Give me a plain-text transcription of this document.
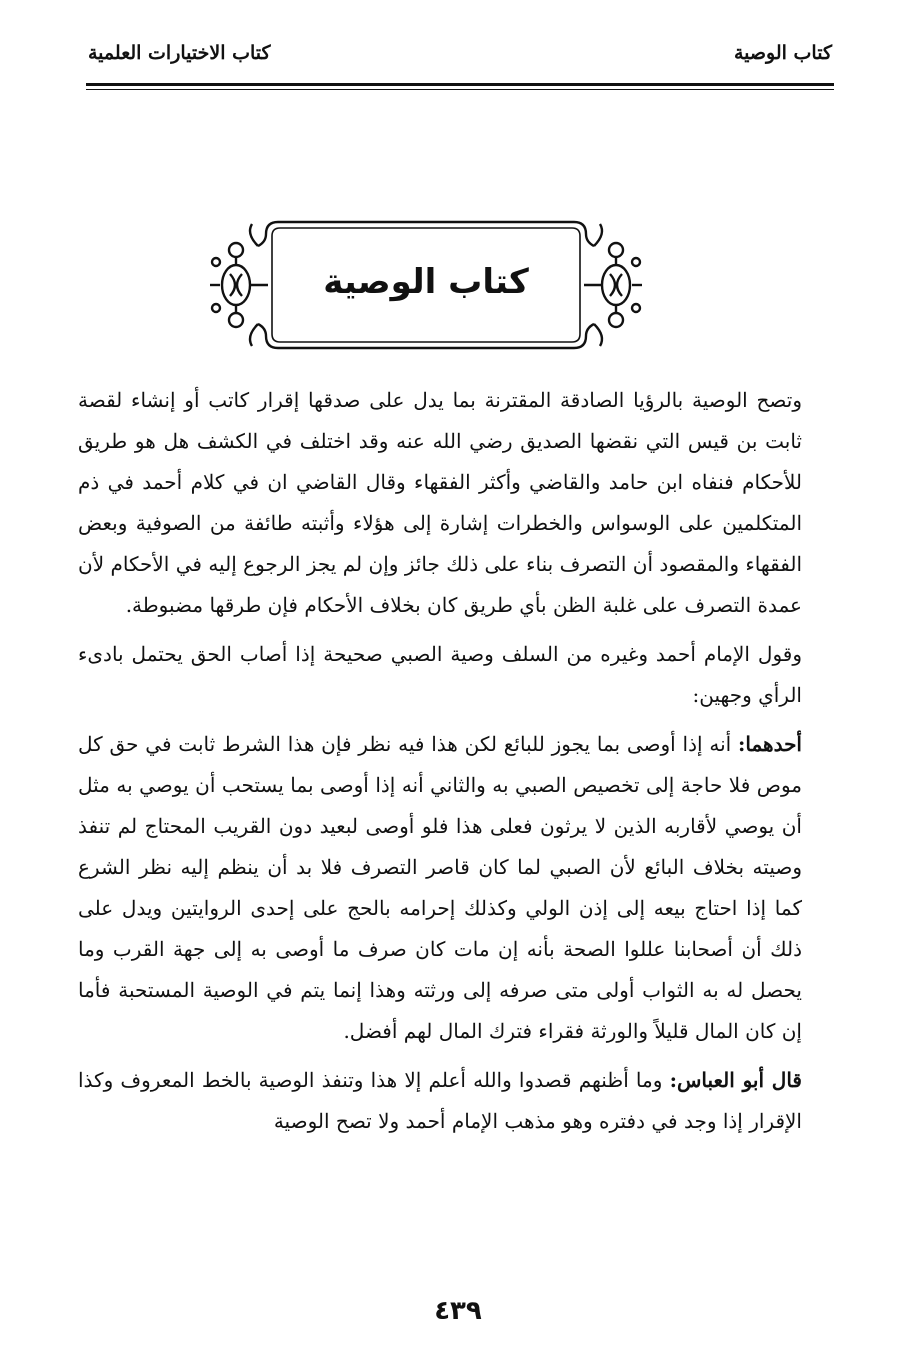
كتاب الوصية
كتاب الاختيارات العلمية
كتاب الوصية

وتصح الوصية بالرؤيا الصادقة المقترنة بما يدل على صدقها إقرار كاتب أو إنشاء لقصة ثابت بن قيس التي نقضها الصديق رضي الله عنه وقد اختلف في الكشف هل هو طريق للأحكام فنفاه ابن حامد والقاضي وأكثر الفقهاء وقال القاضي ان في كلام أحمد في ذم المتكلمين على الوسواس والخطرات إشارة إلى هؤلاء وأثبته طائفة من الصوفية وبعض الفقهاء والمقصود أن التصرف بناء على ذلك جائز وإن لم يجز الرجوع إليه في الأحكام لأن عمدة التصرف على غلبة الظن بأي طريق كان بخلاف الأحكام فإن طرقها مضبوطة.

وقول الإمام أحمد وغيره من السلف وصية الصبي صحيحة إذا أصاب الحق يحتمل بادىء الرأي وجهين:

أحدهما: أنه إذا أوصى بما يجوز للبائع لكن هذا فيه نظر فإن هذا الشرط ثابت في حق كل موص فلا حاجة إلى تخصيص الصبي به والثاني أنه إذا أوصى بما يستحب أن يوصي به مثل أن يوصي لأقاربه الذين لا يرثون فعلى هذا فلو أوصى لبعيد دون القريب المحتاج لم تنفذ وصيته بخلاف البائع لأن الصبي لما كان قاصر التصرف فلا بد أن ينظم إليه نظر الشرع كما إذا احتاج بيعه إلى إذن الولي وكذلك إحرامه بالحج على إحدى الروايتين ويدل على ذلك أن أصحابنا عللوا الصحة بأنه إن مات كان صرف ما أوصى به إلى جهة القرب وما يحصل له به الثواب أولى متى صرفه إلى ورثته وهذا إنما يتم في الوصية المستحبة فأما إن كان المال قليلاً والورثة فقراء فترك المال لهم أفضل.

قال أبو العباس: وما أظنهم قصدوا والله أعلم إلا هذا وتنفذ الوصية بالخط المعروف وكذا الإقرار إذا وجد في دفتره وهو مذهب الإمام أحمد ولا تصح الوصية

٤٣٩
